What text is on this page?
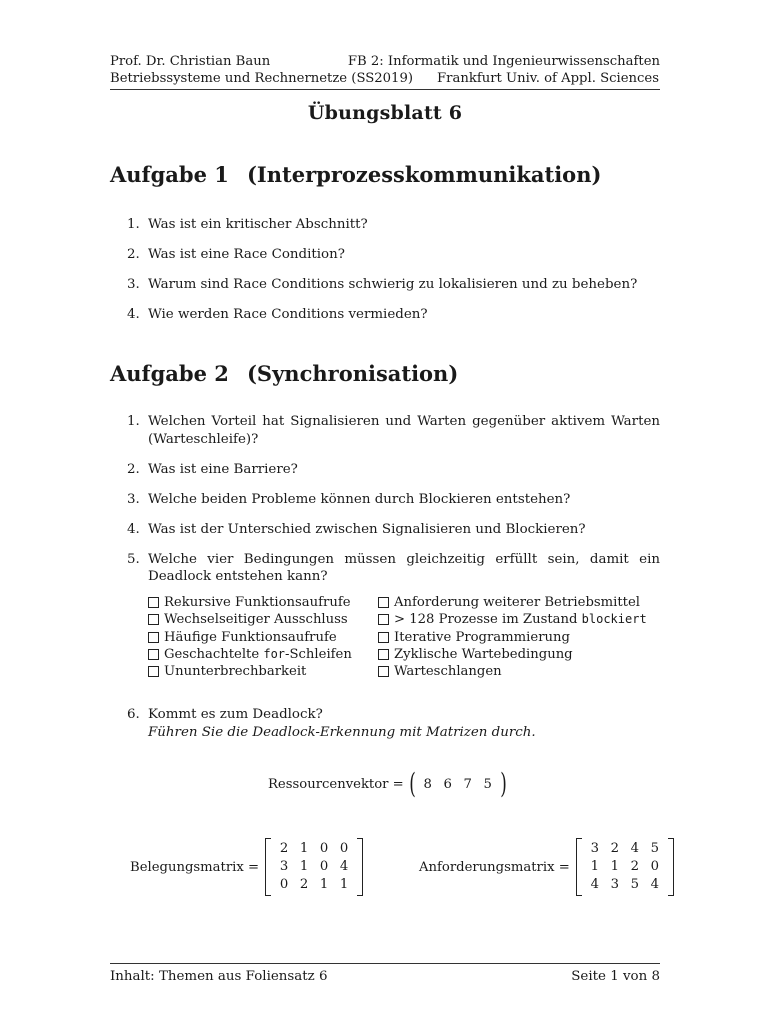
Prof. Dr. Christian Baun	FB 2: Informatik und Ingenieurwissenschaften
Betriebssysteme und Rechnernetze (SS2019) Frankfurt Univ. of Appl. Sciences
Übungsblatt 6
Aufgabe 1 (Interprozesskommunikation)
1. Was ist ein kritischer Abschnitt?
2. Was ist eine Race Condition?
3. Warum sind Race Conditions schwierig zu lokalisieren und zu beheben?
4. Wie werden Race Conditions vermieden?
Aufgabe 2 (Synchronisation)
1. Welchen Vorteil hat Signalisieren und Warten gegenüber aktivem Warten (Warteschleife)?
2. Was ist eine Barriere?
3. Welche beiden Probleme können durch Blockieren entstehen?
4. Was ist der Unterschied zwischen Signalisieren und Blockieren?
5. Welche vier Bedingungen müssen gleichzeitig erfüllt sein, damit ein Deadlock entstehen kann?
Rekursive Funktionsaufrufe
Wechselseitiger Ausschluss
Häufige Funktionsaufrufe
Geschachtelte for-Schleifen
Ununterbrechbarkeit
Anforderung weiterer Betriebsmittel
> 128 Prozesse im Zustand blockiert
Iterative Programmierung
Zyklische Wartebedingung
Warteschlangen
6. Kommt es zum Deadlock?
Führen Sie die Deadlock-Erkennung mit Matrizen durch.
Ressourcenvektor = ( 8 6 7 5 )
Belegungsmatrix =
2 1 0 0
3 1 0 4
0 2 1 1
Anforderungsmatrix =
3 2 4 5
1 1 2 0
4 3 5 4
Inhalt: Themen aus Foliensatz 6	Seite 1 von 8
